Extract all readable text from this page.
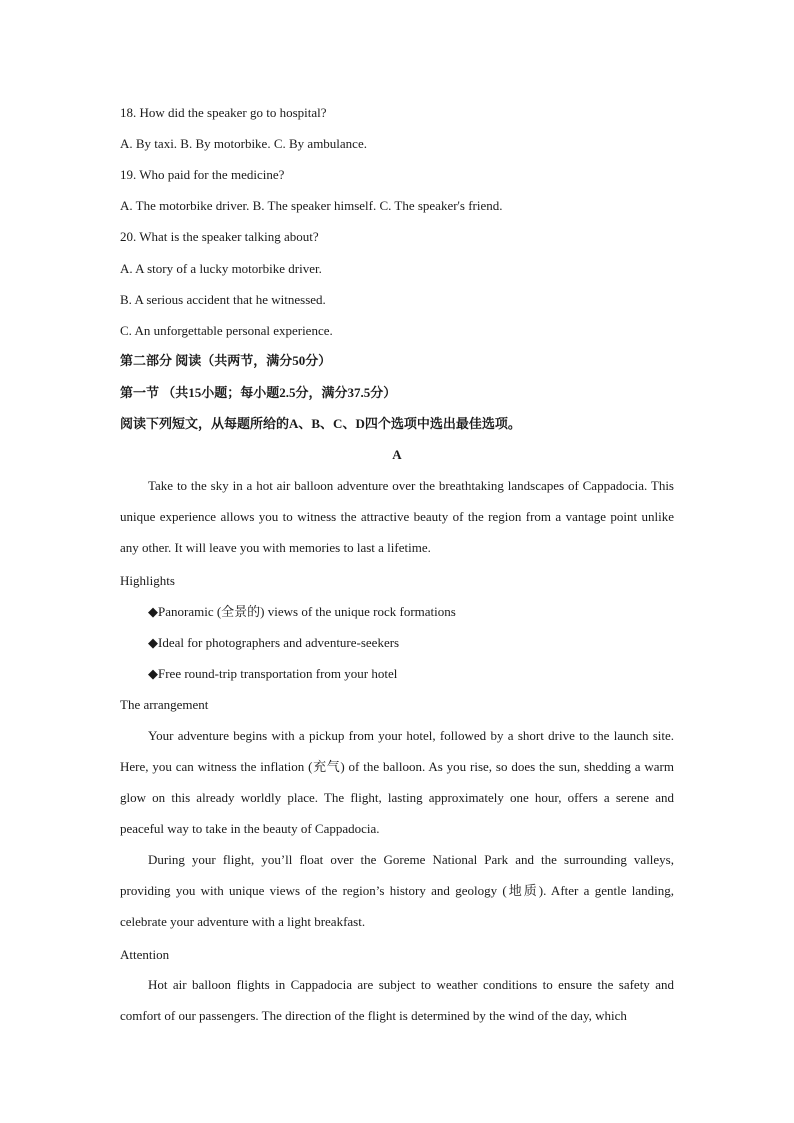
18. How did the speaker go to hospital?
A. By taxi. B. By motorbike. C. By ambulance.
19. Who paid for the medicine?
A. The motorbike driver. B. The speaker himself. C. The speaker's friend.
20. What is the speaker talking about?
A. A story of a lucky motorbike driver.
B. A serious accident that he witnessed.
C. An unforgettable personal experience.
第二部分 阅读（共两节，满分50分）
第一节 （共15小题；每小题2.5分，满分37.5分）
阅读下列短文，从每题所给的A、B、C、D四个选项中选出最佳选项。
A
Take to the sky in a hot air balloon adventure over the breathtaking landscapes of Cappadocia. This unique experience allows you to witness the attractive beauty of the region from a vantage point unlike any other. It will leave you with memories to last a lifetime.
Highlights
◆Panoramic (全景的) views of the unique rock formations
◆Ideal for photographers and adventure-seekers
◆Free round-trip transportation from your hotel
The arrangement
Your adventure begins with a pickup from your hotel, followed by a short drive to the launch site. Here, you can witness the inflation (充气) of the balloon. As you rise, so does the sun, shedding a warm glow on this already worldly place. The flight, lasting approximately one hour, offers a serene and peaceful way to take in the beauty of Cappadocia.
During your flight, you’ll float over the Goreme National Park and the surrounding valleys, providing you with unique views of the region’s history and geology (地质). After a gentle landing, celebrate your adventure with a light breakfast.
Attention
Hot air balloon flights in Cappadocia are subject to weather conditions to ensure the safety and comfort of our passengers. The direction of the flight is determined by the wind of the day, which
